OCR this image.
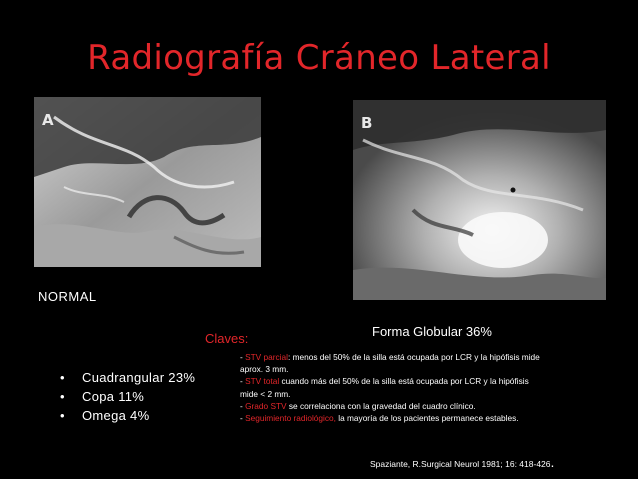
Radiografía Cráneo Lateral
A	B
NORMAL
Claves:	Forma Globular 36%
• Cuadrangular 23%
• Copa 11%
• Omega 4%
- STV parcial: menos del 50% de la silla está ocupada por LCR y la hipófisis mide aprox. 3 mm.
- STV total cuando más del 50% de la silla está ocupada por LCR y la hipófisis mide < 2 mm.
- Grado STV se correlaciona con la gravedad del cuadro clínico.
- Seguimiento radiológico, la mayoría de los pacientes permanece estables.
Spaziante, R.Surgical Neurol 1981; 16: 418-426.
